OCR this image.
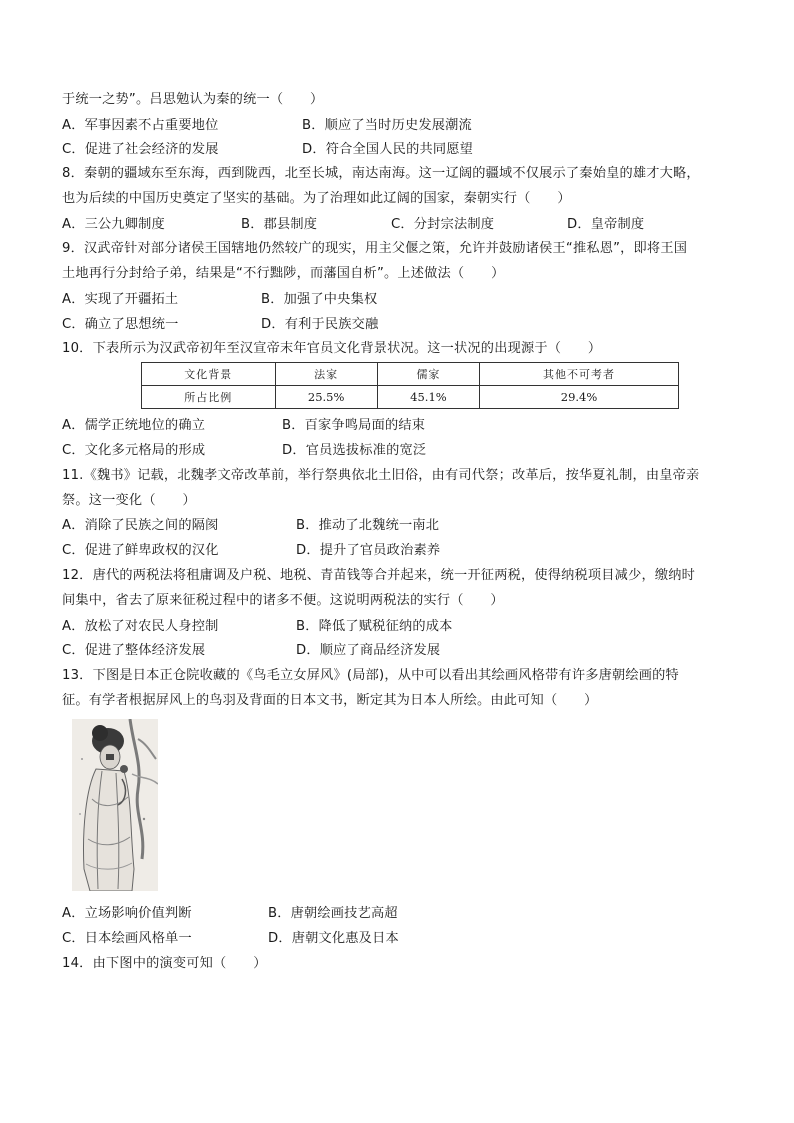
于统一之势”。吕思勉认为秦的统一（　　）
A．军事因素不占重要地位	B．顺应了当时历史发展潮流
C．促进了社会经济的发展	D．符合全国人民的共同愿望
8．秦朝的疆域东至东海，西到陇西，北至长城，南达南海。这一辽阔的疆域不仅展示了秦始皇的雄才大略，
也为后续的中国历史奠定了坚实的基础。为了治理如此辽阔的国家，秦朝实行（　　）
A．三公九卿制度	B．郡县制度	C．分封宗法制度	D．皇帝制度
9．汉武帝针对部分诸侯王国辖地仍然较广的现实，用主父偃之策，允许并鼓励诸侯王“推私恩”，即将王国
土地再行分封给子弟，结果是“不行黜陟，而藩国自析”。上述做法（　　）
A．实现了开疆拓土	B．加强了中央集权
C．确立了思想统一	D．有利于民族交融
10．下表所示为汉武帝初年至汉宣帝末年官员文化背景状况。这一状况的出现源于（　　）
文化背景	法家	儒家	其他不可考者
所占比例	25.5%	45.1%	29.4%
A．儒学正统地位的确立	B．百家争鸣局面的结束
C．文化多元格局的形成	D．官员选拔标准的宽泛
11.《魏书》记载，北魏孝文帝改革前，举行祭典依北土旧俗，由有司代祭；改革后，按华夏礼制，由皇帝亲
祭。这一变化（　　）
A．消除了民族之间的隔阂	B．推动了北魏统一南北
C．促进了鲜卑政权的汉化	D．提升了官员政治素养
12．唐代的两税法将租庸调及户税、地税、青苗钱等合并起来，统一开征两税，使得纳税项目减少，缴纳时
间集中，省去了原来征税过程中的诸多不便。这说明两税法的实行（　　）
A．放松了对农民人身控制	B．降低了赋税征纳的成本
C．促进了整体经济发展	D．顺应了商品经济发展
13．下图是日本正仓院收藏的《鸟毛立女屏风》(局部)，从中可以看出其绘画风格带有许多唐朝绘画的特
征。有学者根据屏风上的鸟羽及背面的日本文书，断定其为日本人所绘。由此可知（　　）
A．立场影响价值判断	B．唐朝绘画技艺高超
C．日本绘画风格单一	D．唐朝文化惠及日本
14．由下图中的演变可知（　　）
